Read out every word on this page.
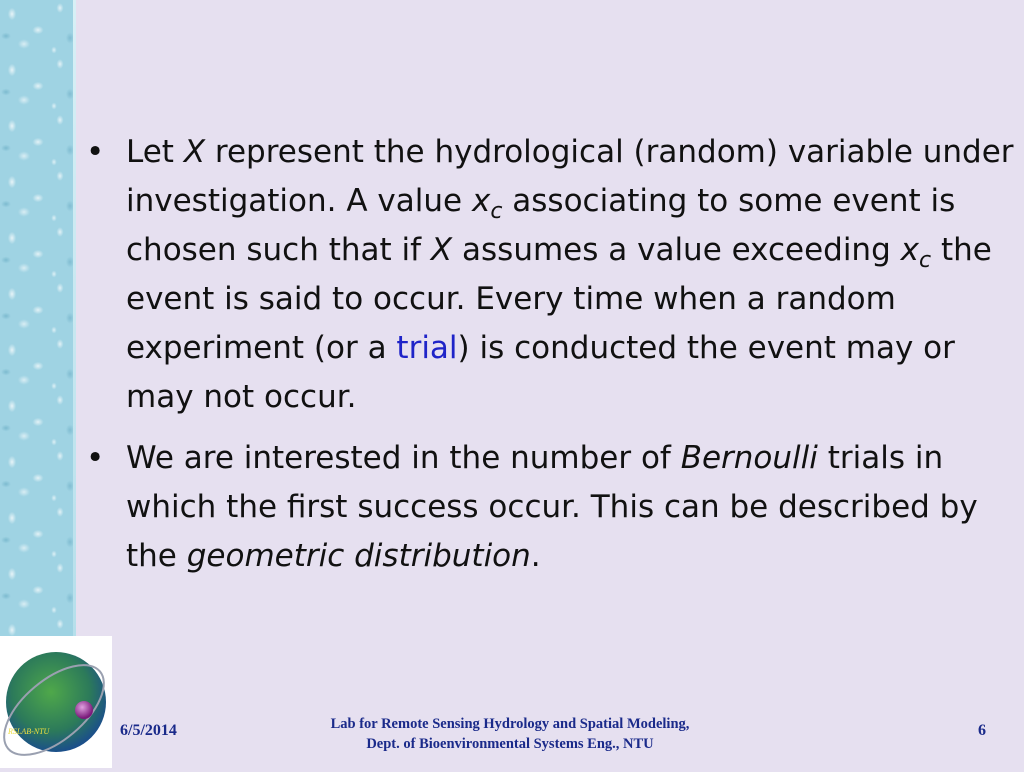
• Let X represent the hydrological (random) variable under investigation. A value $x_c$ associating to some event is chosen such that if X assumes a value exceeding $x_c$ the event is said to occur. Every time when a random experiment (or a trial) is conducted the event may or may not occur.
• We are interested in the number of Bernoulli trials in which the first success occur. This can be described by the geometric distribution.
RSLAB-NTU	6/5/2014	Lab for Remote Sensing Hydrology and Spatial Modeling,
Dept. of Bioenvironmental Systems Eng., NTU
6
